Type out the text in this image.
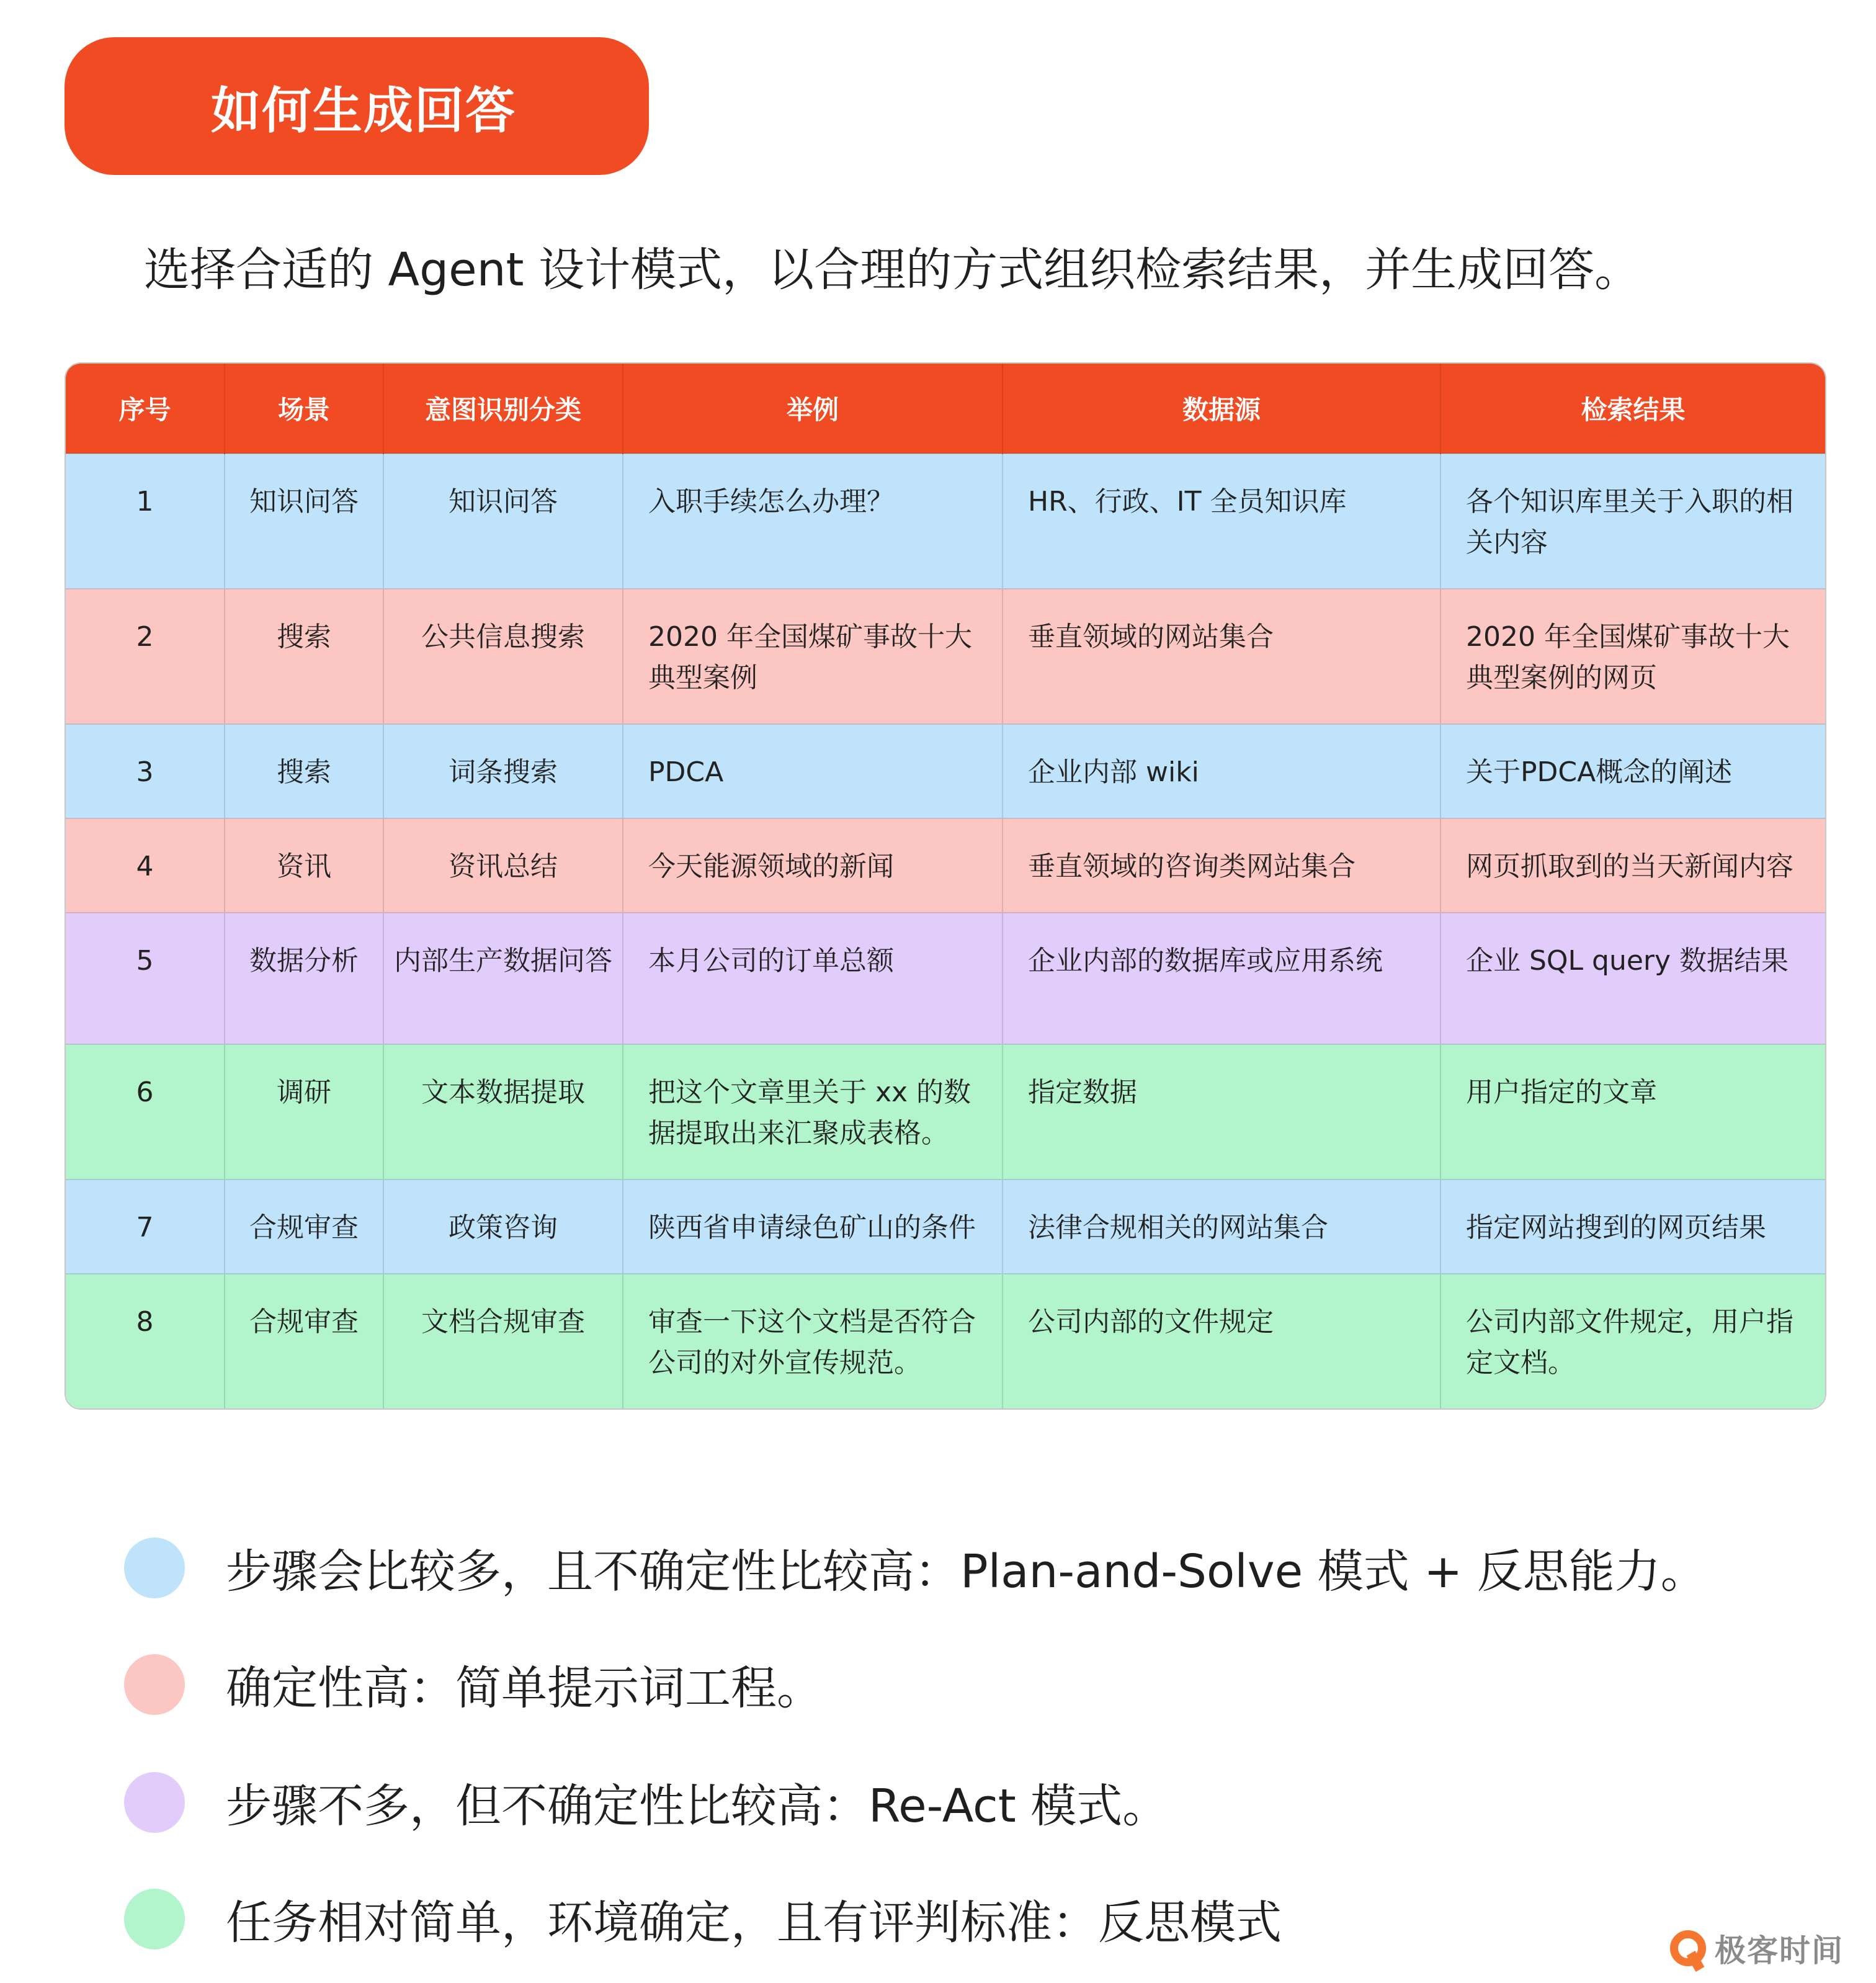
如何生成回答
选择合适的 Agent 设计模式，以合理的方式组织检索结果，并生成回答。
序号	场景	意图识别分类	举例	数据源	检索结果
1	知识问答	知识问答	入职手续怎么办理？	HR、行政、IT 全员知识库	各个知识库里关于入职的相关内容
2	搜索	公共信息搜索	2020 年全国煤矿事故十大典型案例	垂直领域的网站集合	2020 年全国煤矿事故十大典型案例的网页
3	搜索	词条搜索	PDCA	企业内部 wiki	关于PDCA概念的阐述
4	资讯	资讯总结	今天能源领域的新闻	垂直领域的咨询类网站集合	网页抓取到的当天新闻内容
5	数据分析	内部生产数据问答	本月公司的订单总额	企业内部的数据库或应用系统	企业 SQL query 数据结果
6	调研	文本数据提取	把这个文章里关于 xx 的数据提取出来汇聚成表格。	指定数据	用户指定的文章
7	合规审查	政策咨询	陕西省申请绿色矿山的条件	法律合规相关的网站集合	指定网站搜到的网页结果
8	合规审查	文档合规审查	审查一下这个文档是否符合公司的对外宣传规范。	公司内部的文件规定	公司内部文件规定，用户指定文档。
步骤会比较多，且不确定性比较高：Plan-and-Solve 模式 + 反思能力。
确定性高：简单提示词工程。
步骤不多，但不确定性比较高：Re-Act 模式。
任务相对简单，环境确定，且有评判标准：反思模式
极客时间
